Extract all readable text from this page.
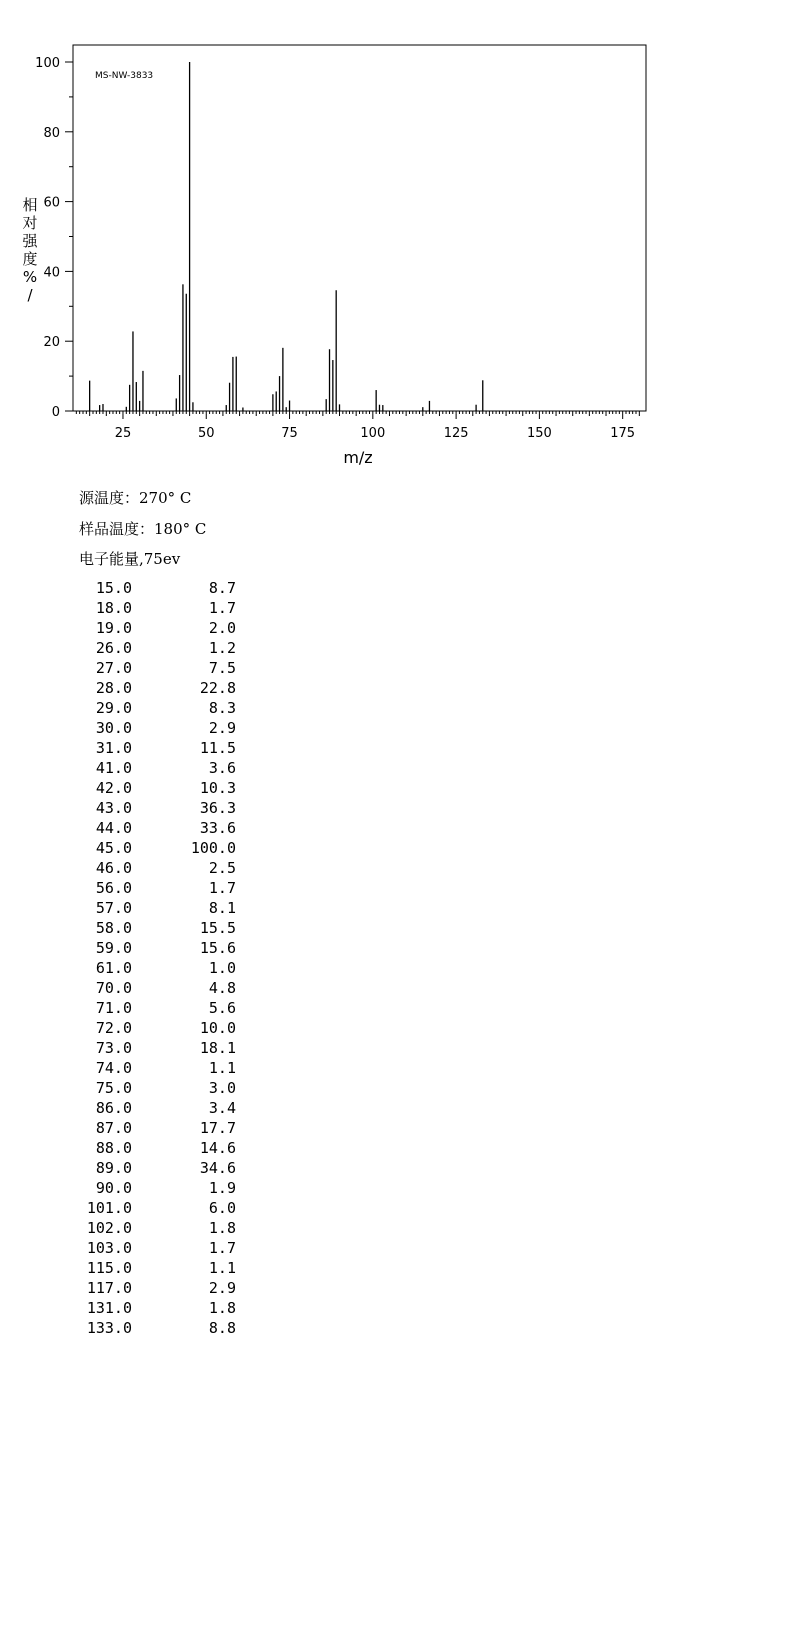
MS-NW-3833
相
对
强
度
%
/
m/z
25	50	75	100	125	150	175
0
20
40
60
80
100
源温度：270° C
样品温度：180° C
电子能量,75ev
15.0	8.7
18.0	1.7
19.0	2.0
26.0	1.2
27.0	7.5
28.0	22.8
29.0	8.3
30.0	2.9
31.0	11.5
41.0	3.6
42.0	10.3
43.0	36.3
44.0	33.6
45.0	100.0
46.0	2.5
56.0	1.7
57.0	8.1
58.0	15.5
59.0	15.6
61.0	1.0
70.0	4.8
71.0	5.6
72.0	10.0
73.0	18.1
74.0	1.1
75.0	3.0
86.0	3.4
87.0	17.7
88.0	14.6
89.0	34.6
90.0	1.9
101.0	6.0
102.0	1.8
103.0	1.7
115.0	1.1
117.0	2.9
131.0	1.8
133.0	8.8
